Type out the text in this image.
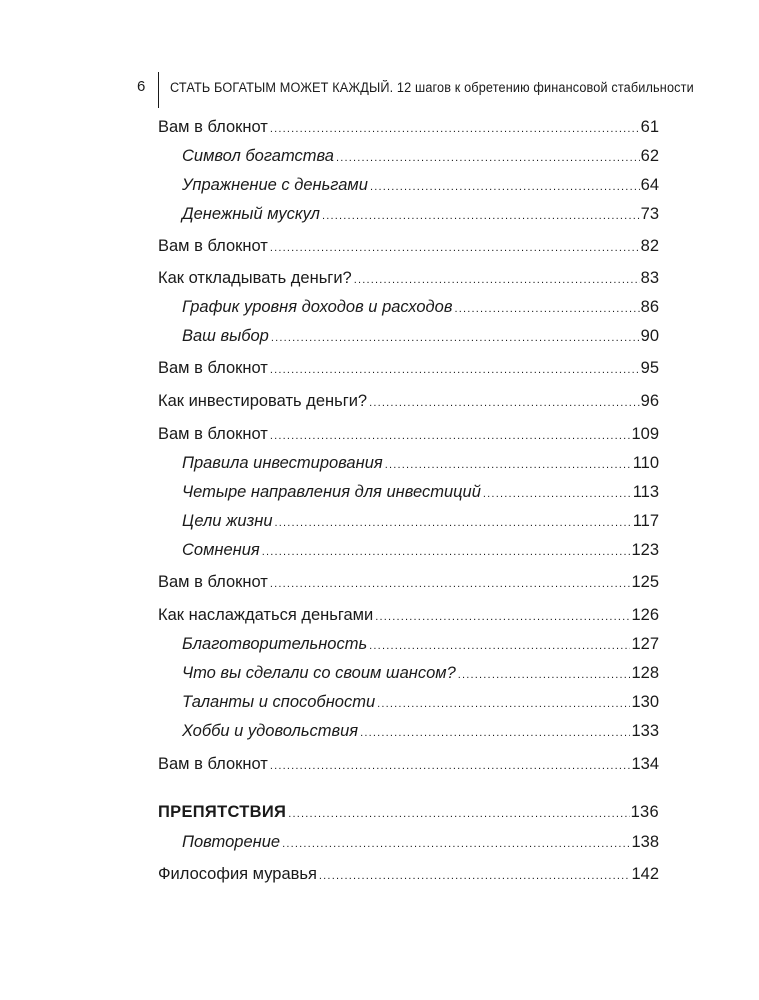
6 СТАТЬ БОГАТЫМ МОЖЕТ КАЖДЫЙ. 12 шагов к обретению финансовой стабильности
Вам в блокнот .....	61
Символ богатства .....	62
Упражнение с деньгами .....	64
Денежный мускул .....	73
Вам в блокнот .....	82
Как откладывать деньги? .....	83
График уровня доходов и расходов .....	86
Ваш выбор .....	90
Вам в блокнот .....	95
Как инвестировать деньги? .....	96
Вам в блокнот .....	109
Правила инвестирования .....	110
Четыре направления для инвестиций .....	113
Цели жизни .....	117
Сомнения .....	123
Вам в блокнот .....	125
Как наслаждаться деньгами .....	126
Благотворительность .....	127
Что вы сделали со своим шансом? .....	128
Таланты и способности .....	130
Хобби и удовольствия .....	133
Вам в блокнот .....	134
ПРЕПЯТСТВИЯ .....	136
Повторение .....	138
Философия муравья .....	142
